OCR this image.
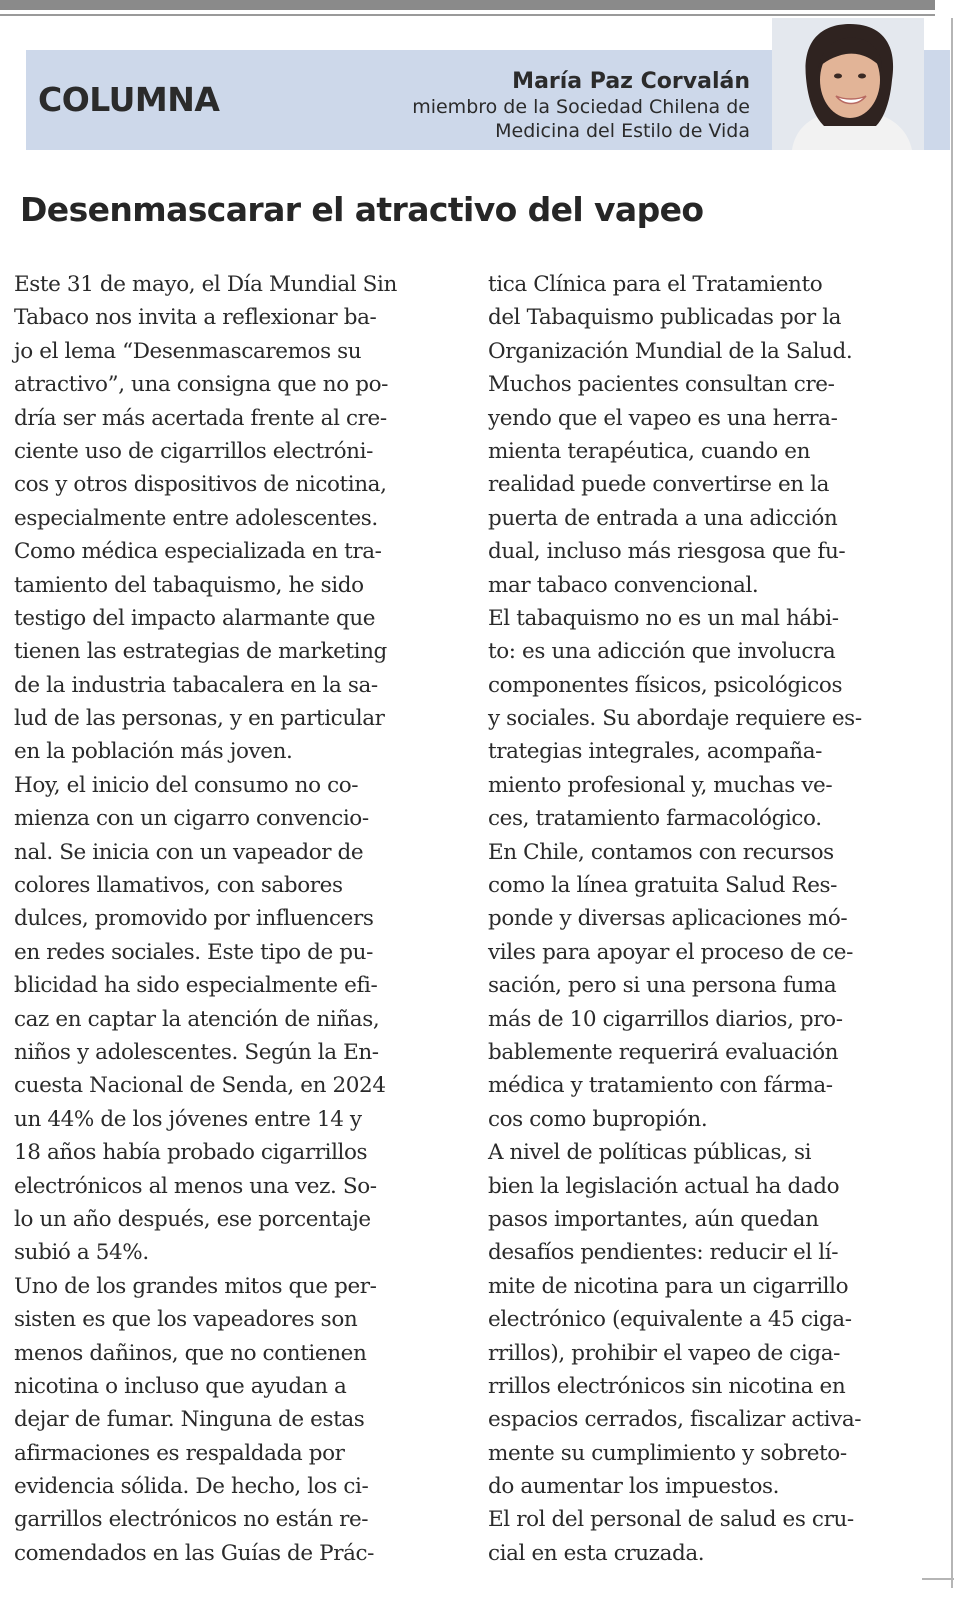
COLUMNA	María Paz Corvalán
miembro de la Sociedad Chilena de
Medicina del Estilo de Vida
Desenmascarar el atractivo del vapeo
Este 31 de mayo, el Día Mundial Sin
Tabaco nos invita a reflexionar ba-
jo el lema “Desenmascaremos su
atractivo”, una consigna que no po-
dría ser más acertada frente al cre-
ciente uso de cigarrillos electróni-
cos y otros dispositivos de nicotina,
especialmente entre adolescentes.
Como médica especializada en tra-
tamiento del tabaquismo, he sido
testigo del impacto alarmante que
tienen las estrategias de marketing
de la industria tabacalera en la sa-
lud de las personas, y en particular
en la población más joven.
Hoy, el inicio del consumo no co-
mienza con un cigarro convencio-
nal. Se inicia con un vapeador de
colores llamativos, con sabores
dulces, promovido por influencers
en redes sociales. Este tipo de pu-
blicidad ha sido especialmente efi-
caz en captar la atención de niñas,
niños y adolescentes. Según la En-
cuesta Nacional de Senda, en 2024
un 44% de los jóvenes entre 14 y
18 años había probado cigarrillos
electrónicos al menos una vez. So-
lo un año después, ese porcentaje
subió a 54%.
Uno de los grandes mitos que per-
sisten es que los vapeadores son
menos dañinos, que no contienen
nicotina o incluso que ayudan a
dejar de fumar. Ninguna de estas
afirmaciones es respaldada por
evidencia sólida. De hecho, los ci-
garrillos electrónicos no están re-
comendados en las Guías de Prác-
tica Clínica para el Tratamiento
del Tabaquismo publicadas por la
Organización Mundial de la Salud.
Muchos pacientes consultan cre-
yendo que el vapeo es una herra-
mienta terapéutica, cuando en
realidad puede convertirse en la
puerta de entrada a una adicción
dual, incluso más riesgosa que fu-
mar tabaco convencional.
El tabaquismo no es un mal hábi-
to: es una adicción que involucra
componentes físicos, psicológicos
y sociales. Su abordaje requiere es-
trategias integrales, acompaña-
miento profesional y, muchas ve-
ces, tratamiento farmacológico.
En Chile, contamos con recursos
como la línea gratuita Salud Res-
ponde y diversas aplicaciones mó-
viles para apoyar el proceso de ce-
sación, pero si una persona fuma
más de 10 cigarrillos diarios, pro-
bablemente requerirá evaluación
médica y tratamiento con fárma-
cos como bupropión.
A nivel de políticas públicas, si
bien la legislación actual ha dado
pasos importantes, aún quedan
desafíos pendientes: reducir el lí-
mite de nicotina para un cigarrillo
electrónico (equivalente a 45 ciga-
rrillos), prohibir el vapeo de ciga-
rrillos electrónicos sin nicotina en
espacios cerrados, fiscalizar activa-
mente su cumplimiento y sobreto-
do aumentar los impuestos.
El rol del personal de salud es cru-
cial en esta cruzada.
